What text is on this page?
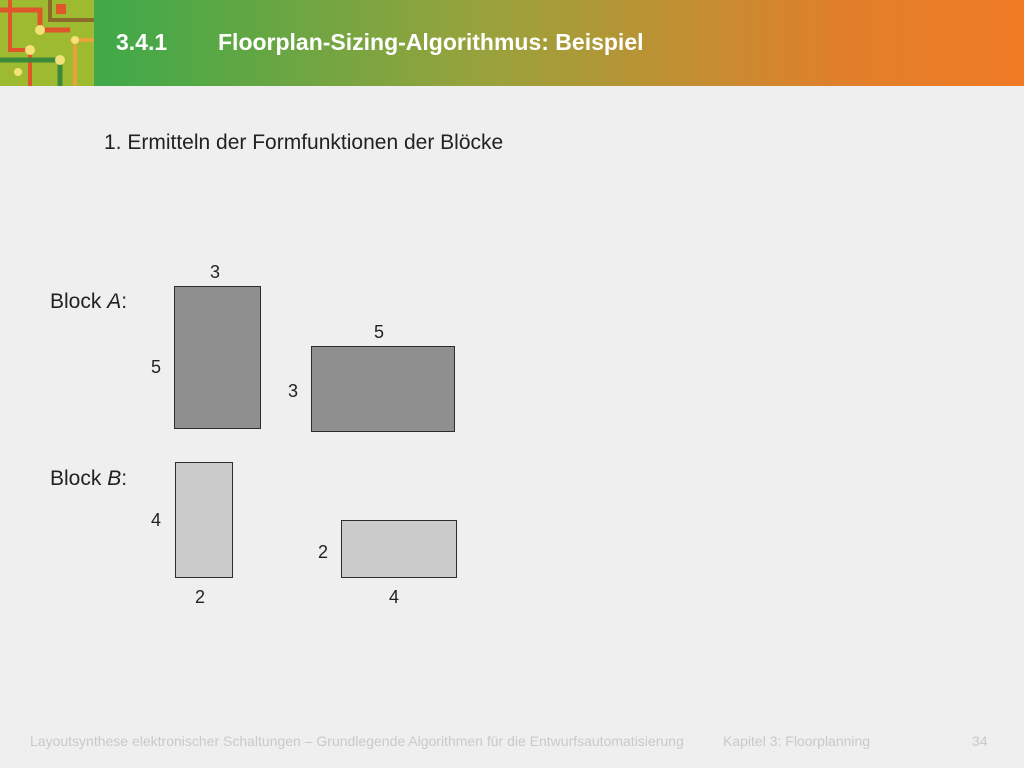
3.4.1 Floorplan-Sizing-Algorithmus: Beispiel
1. Ermitteln der Formfunktionen der Blöcke
Block A:
3
5
5
3
Block B:
4
2
2
4
Layoutsynthese elektronischer Schaltungen – Grundlegende Algorithmen für die Entwurfsautomatisierung	Kapitel 3: Floorplanning	34
